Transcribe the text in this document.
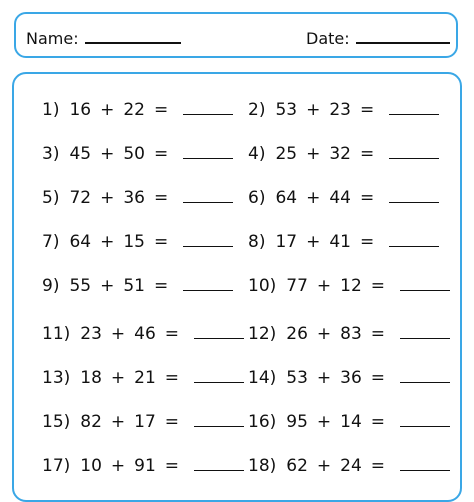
Name:	Date:
1) 16 + 22 =	2) 53 + 23 =
3) 45 + 50 =	4) 25 + 32 =
5) 72 + 36 =	6) 64 + 44 =
7) 64 + 15 =	8) 17 + 41 =
9) 55 + 51 =	10) 77 + 12 =
11) 23 + 46 =	12) 26 + 83 =
13) 18 + 21 =	14) 53 + 36 =
15) 82 + 17 =	16) 95 + 14 =
17) 10 + 91 =	18) 62 + 24 =
